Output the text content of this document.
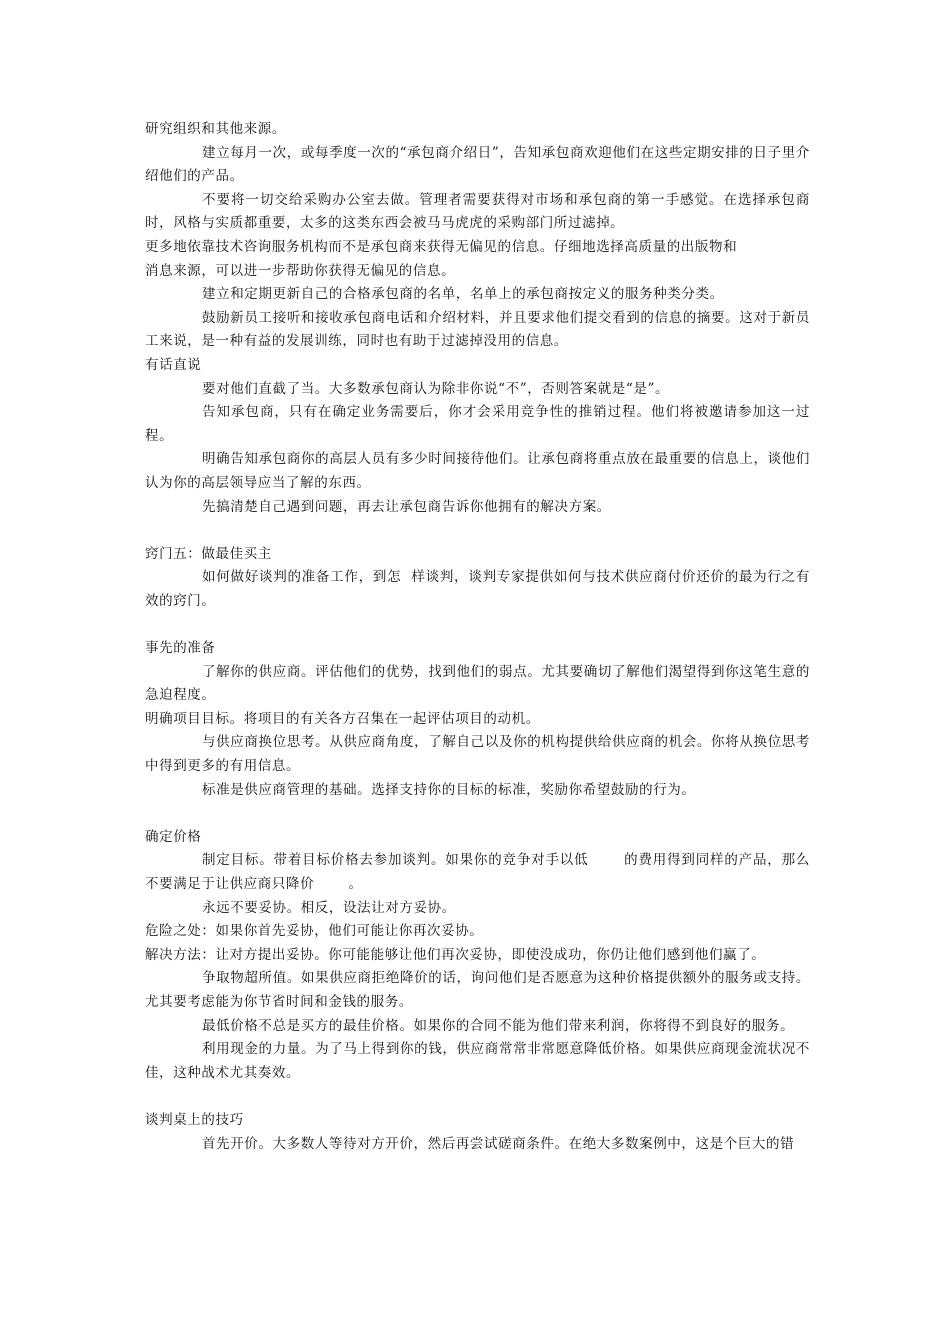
研究组织和其他来源。

建立每月一次，或每季度一次的“承包商介绍日”，告知承包商欢迎他们在这些定期安排的日子里介绍他们的产品。

不要将一切交给采购办公室去做。管理者需要获得对市场和承包商的第一手感觉。在选择承包商时，风格与实质都重要，太多的这类东西会被马马虎虎的采购部门所过滤掉。

更多地依靠技术咨询服务机构而不是承包商来获得无偏见的信息。仔细地选择高质量的出版物和

消息来源，可以进一步帮助你获得无偏见的信息。

建立和定期更新自己的合格承包商的名单，名单上的承包商按定义的服务种类分类。

鼓励新员工接听和接收承包商电话和介绍材料，并且要求他们提交看到的信息的摘要。这对于新员工来说，是一种有益的发展训练，同时也有助于过滤掉没用的信息。

有话直说

要对他们直截了当。大多数承包商认为除非你说“不”，否则答案就是“是”。

告知承包商，只有在确定业务需要后，你才会采用竞争性的推销过程。他们将被邀请参加这一过程。

明确告知承包商你的高层人员有多少时间接待他们。让承包商将重点放在最重要的信息上，谈他们认为你的高层领导应当了解的东西。

先搞清楚自己遇到问题，再去让承包商告诉你他拥有的解决方案。

窍门五：做最佳买主

如何做好谈判的准备工作，到怎  样谈判，谈判专家提供如何与技术供应商付价还价的最为行之有效的窍门。

事先的准备

了解你的供应商。评估他们的优势，找到他们的弱点。尤其要确切了解他们渴望得到你这笔生意的急迫程度。

明确项目目标。将项目的有关各方召集在一起评估项目的动机。

与供应商换位思考。从供应商角度，了解自己以及你的机构提供给供应商的机会。你将从换位思考中得到更多的有用信息。

标准是供应商管理的基础。选择支持你的目标的标准，奖励你希望鼓励的行为。

确定价格

制定目标。带着目标价格去参加谈判。如果你的竞争对手以低       的费用得到同样的产品，那么不要满足于让供应商只降价       。

永远不要妥协。相反，设法让对方妥协。

危险之处：如果你首先妥协，他们可能让你再次妥协。

解决方法：让对方提出妥协。你可能能够让他们再次妥协，即使没成功，你仍让他们感到他们赢了。

争取物超所值。如果供应商拒绝降价的话，询问他们是否愿意为这种价格提供额外的服务或支持。尤其要考虑能为你节省时间和金钱的服务。

最低价格不总是买方的最佳价格。如果你的合同不能为他们带来利润，你将得不到良好的服务。

利用现金的力量。为了马上得到你的钱，供应商常常非常愿意降低价格。如果供应商现金流状况不佳，这种战术尤其奏效。

谈判桌上的技巧

首先开价。大多数人等待对方开价，然后再尝试磋商条件。在绝大多数案例中，这是个巨大的错
